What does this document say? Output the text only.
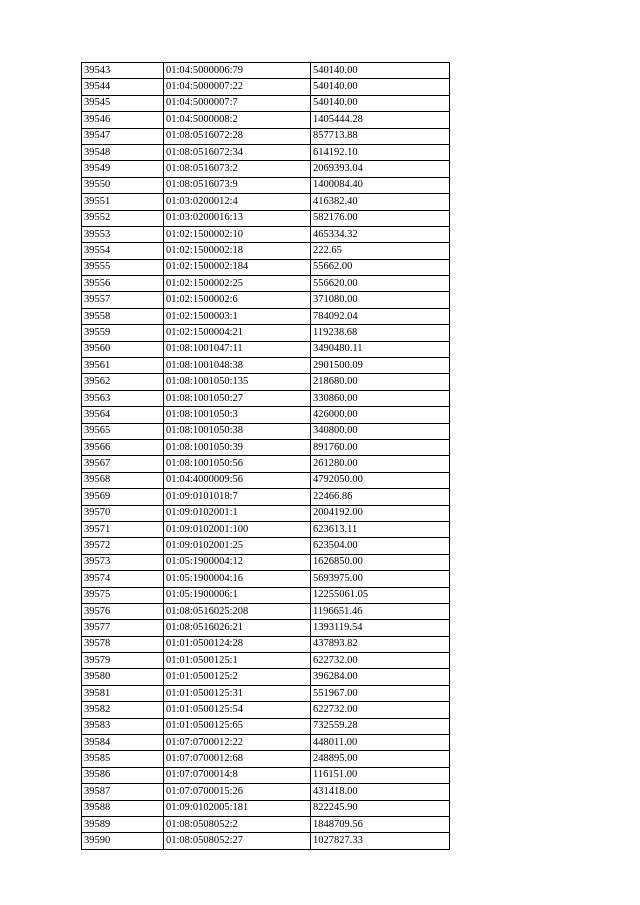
39543	01:04:5000006:79	540140.00
39544	01:04:5000007:22	540140.00
39545	01:04:5000007:7	540140.00
39546	01:04:5000008:2	1405444.28
39547	01:08:0516072:28	857713.88
39548	01:08:0516072:34	614192.10
39549	01:08:0516073:2	2069393.04
39550	01:08:0516073:9	1400084.40
39551	01:03:0200012:4	416382.40
39552	01:03:0200016:13	582176.00
39553	01:02:1500002:10	465334.32
39554	01:02:1500002:18	222.65
39555	01:02:1500002:184	55662.00
39556	01:02:1500002:25	556620.00
39557	01:02:1500002:6	371080.00
39558	01:02:1500003:1	784092.04
39559	01:02:1500004:21	119238.68
39560	01:08:1001047:11	3490480.11
39561	01:08:1001048:38	2901500.09
39562	01:08:1001050:135	218680.00
39563	01:08:1001050:27	330860.00
39564	01:08:1001050:3	426000.00
39565	01:08:1001050:38	340800.00
39566	01:08:1001050:39	891760.00
39567	01:08:1001050:56	261280.00
39568	01:04:4000009:56	4792050.00
39569	01:09:0101018:7	22466.86
39570	01:09:0102001:1	2004192.00
39571	01:09:0102001:100	623613.11
39572	01:09:0102001:25	623504.00
39573	01:05:1900004:12	1626850.00
39574	01:05:1900004:16	5693975.00
39575	01:05:1900006:1	12255061.05
39576	01:08:0516025:208	1196651.46
39577	01:08:0516026:21	1393119.54
39578	01:01:0500124:28	437893.82
39579	01:01:0500125:1	622732.00
39580	01:01:0500125:2	396284.00
39581	01:01:0500125:31	551967.00
39582	01:01:0500125:54	622732.00
39583	01:01:0500125:65	732559.28
39584	01:07:0700012:22	448011.00
39585	01:07:0700012:68	248895.00
39586	01:07:0700014:8	116151.00
39587	01:07:0700015:26	431418.00
39588	01:09:0102005:181	822245.90
39589	01:08:0508052:2	1848709.56
39590	01:08:0508052:27	1027827.33
